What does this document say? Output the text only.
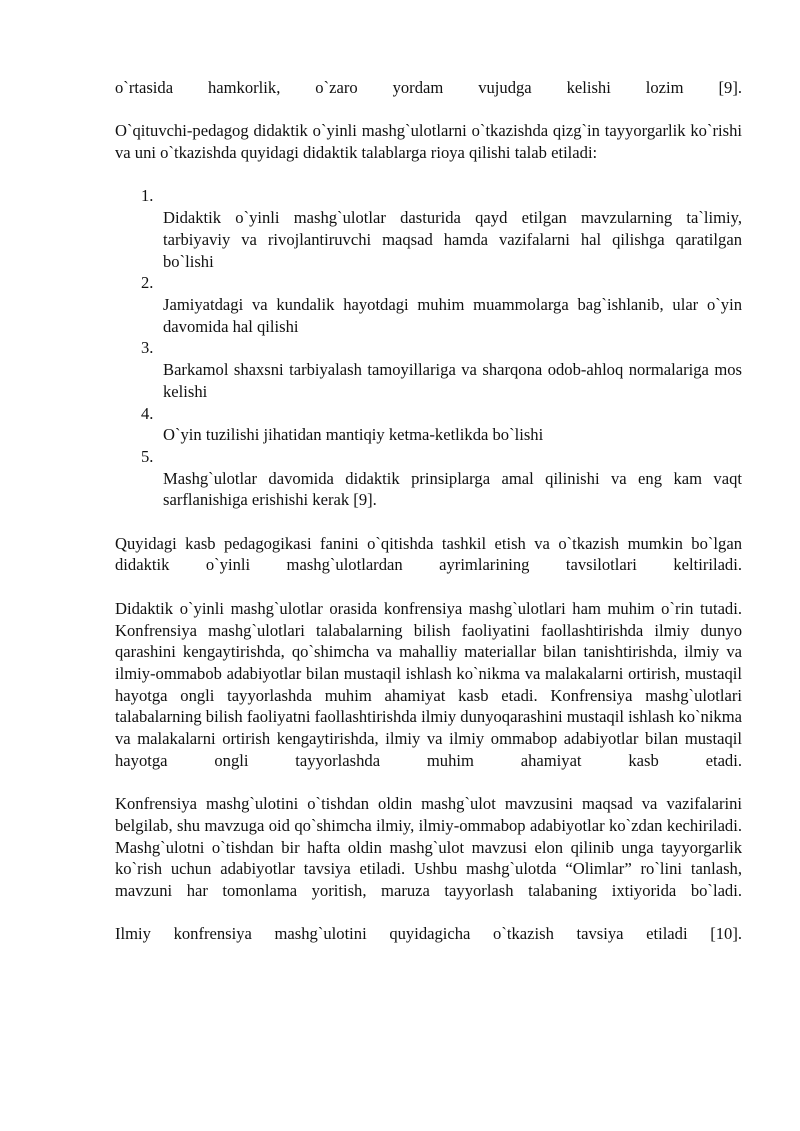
o`rtasida hamkorlik, o`zaro yordam vujudga kelishi lozim [9].

O`qituvchi-pedagog didaktik o`yinli mashg`ulotlarni o`tkazishda qizg`in tayyorgarlik ko`rishi va uni o`tkazishda quyidagi didaktik talablarga rioya qilishi talab etiladi:

1.
Didaktik o`yinli mashg`ulotlar dasturida qayd etilgan mavzularning ta`limiy, tarbiyaviy va rivojlantiruvchi maqsad hamda vazifalarni hal qilishga qaratilgan bo`lishi
2.
Jamiyatdagi va kundalik hayotdagi muhim muammolarga bag`ishlanib, ular o`yin davomida hal qilishi
3.
Barkamol shaxsni tarbiyalash tamoyillariga va sharqona odob-ahloq normalariga mos kelishi
4.
O`yin tuzilishi jihatidan mantiqiy ketma-ketlikda bo`lishi
5.
Mashg`ulotlar davomida didaktik prinsiplarga amal qilinishi va eng kam vaqt sarflanishiga erishishi kerak [9].

Quyidagi kasb pedagogikasi fanini o`qitishda tashkil etish va o`tkazish mumkin bo`lgan didaktik o`yinli mashg`ulotlardan ayrimlarining tavsilotlari keltiriladi.

Didaktik o`yinli mashg`ulotlar orasida konfrensiya mashg`ulotlari ham muhim o`rin tutadi. Konfrensiya mashg`ulotlari talabalarning bilish faoliyatini faollashtirishda ilmiy dunyo qarashini kengaytirishda, qo`shimcha va mahalliy materiallar bilan tanishtirishda, ilmiy va ilmiy-ommabob adabiyotlar bilan mustaqil ishlash ko`nikma va malakalarni ortirish, mustaqil hayotga ongli tayyorlashda muhim ahamiyat kasb etadi. Konfrensiya mashg`ulotlari talabalarning bilish faoliyatni faollashtirishda ilmiy dunyoqarashini mustaqil ishlash ko`nikma va malakalarni ortirish kengaytirishda, ilmiy va ilmiy ommabop adabiyotlar bilan mustaqil hayotga ongli tayyorlashda muhim ahamiyat kasb etadi.

Konfrensiya mashg`ulotini o`tishdan oldin mashg`ulot mavzusini maqsad va vazifalarini belgilab, shu mavzuga oid qo`shimcha ilmiy, ilmiy-ommabop adabiyotlar ko`zdan kechiriladi. Mashg`ulotni o`tishdan bir hafta oldin mashg`ulot mavzusi elon qilinib unga tayyorgarlik ko`rish uchun adabiyotlar tavsiya etiladi. Ushbu mashg`ulotda “Olimlar” ro`lini tanlash, mavzuni har tomonlama yoritish, maruza tayyorlash talabaning ixtiyorida bo`ladi.

Ilmiy konfrensiya mashg`ulotini quyidagicha o`tkazish tavsiya etiladi [10].
